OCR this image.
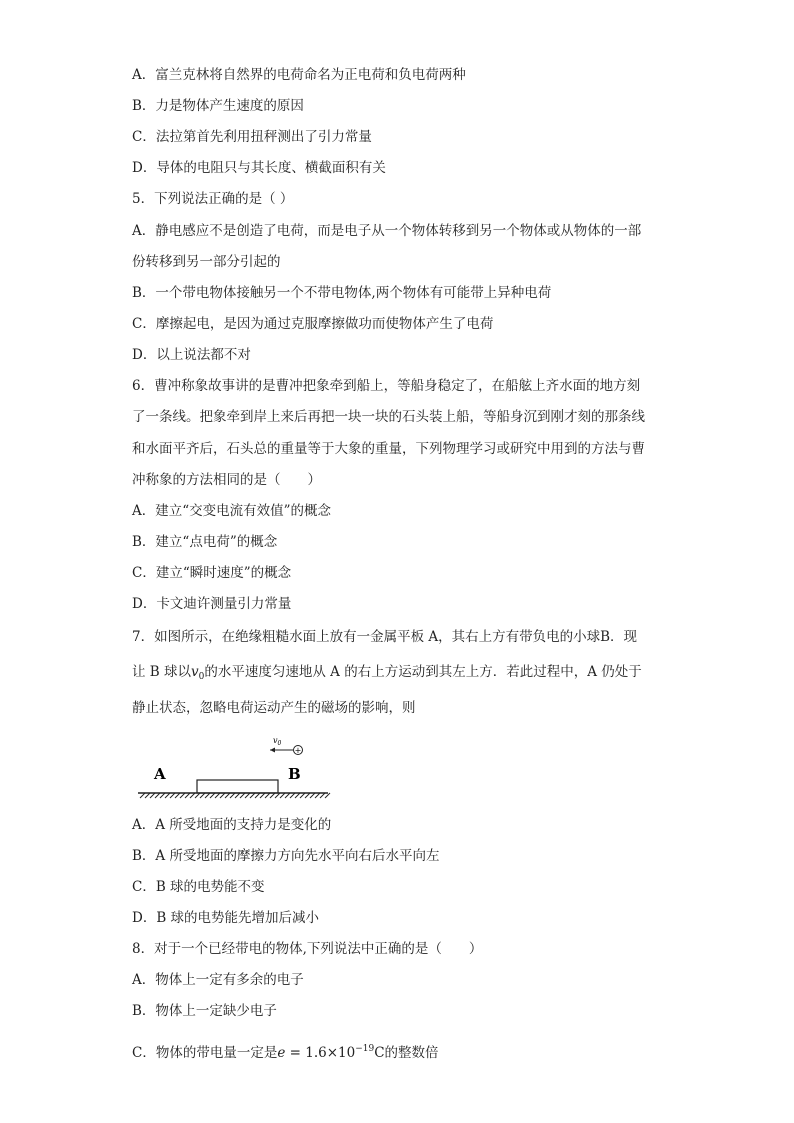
A．富兰克林将自然界的电荷命名为正电荷和负电荷两种
B．力是物体产生速度的原因
C．法拉第首先利用扭秤测出了引力常量
D．导体的电阻只与其长度、横截面积有关
5．下列说法正确的是（ ）
A．静电感应不是创造了电荷，而是电子从一个物体转移到另一个物体或从物体的一部
份转移到另一部分引起的
B．一个带电物体接触另一个不带电物体,两个物体有可能带上异种电荷
C．摩擦起电，是因为通过克服摩擦做功而使物体产生了电荷
D．以上说法都不对
6．曹冲称象故事讲的是曹冲把象牵到船上，等船身稳定了，在船舷上齐水面的地方刻
了一条线。把象牵到岸上来后再把一块一块的石头装上船，等船身沉到刚才刻的那条线
和水面平齐后，石头总的重量等于大象的重量，下列物理学习或研究中用到的方法与曹
冲称象的方法相同的是（　　）
A．建立“交变电流有效值”的概念
B．建立“点电荷”的概念
C．建立“瞬时速度”的概念
D．卡文迪许测量引力常量
7．如图所示，在绝缘粗糙水面上放有一金属平板 A，其右上方有带负电的小球B．现
让 B 球以$v_0$的水平速度匀速地从 A 的右上方运动到其左上方．若此过程中，A 仍处于
静止状态，忽略电荷运动产生的磁场的影响，则
$v_0$
+
A	B
A．A 所受地面的支持力是变化的
B．A 所受地面的摩擦力方向先水平向右后水平向左
C．B 球的电势能不变
D．B 球的电势能先增加后减小
8．对于一个已经带电的物体,下列说法中正确的是（　　）
A．物体上一定有多余的电子
B．物体上一定缺少电子
C．物体的带电量一定是$e = 1.6\times 10^{-19}C$的整数倍
